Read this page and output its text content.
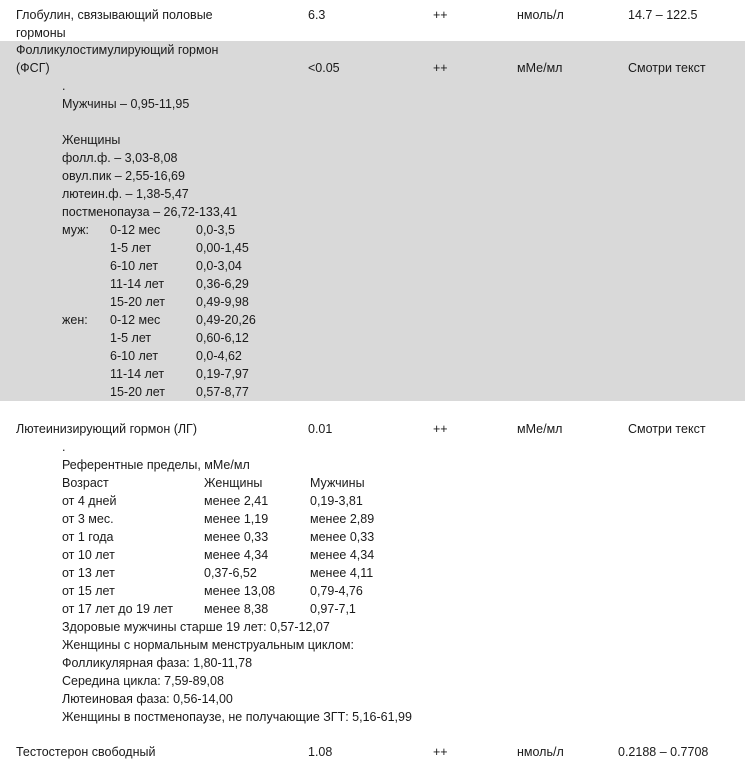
Глобулин, связывающий половые
гормоны
6.3	++	нмоль/л	14.7 – 122.5
Фолликулостимулирующий гормон
(ФСГ)	<0.05	++	мМе/мл	Смотри текст
.
Мужчины – 0,95-11,95
Женщины
фолл.ф. – 3,03-8,08
овул.пик – 2,55-16,69
лютеин.ф. – 1,38-5,47
постменопауза – 26,72-133,41
муж: 0-12 мес	0,0-3,5
1-5 лет	0,00-1,45
6-10 лет	0,0-3,04
11-14 лет	0,36-6,29
15-20 лет 0,49-9,98
жен: 0-12 мес	0,49-20,26
1-5 лет	0,60-6,12
6-10 лет	0,0-4,62
11-14 лет	0,19-7,97
15-20 лет 0,57-8,77
Лютеинизирующий гормон (ЛГ)	0.01	++	мМе/мл	Смотри текст
.
Референтные пределы, мМе/мл
Возраст	Женщины	Мужчины
от 4 дней	менее 2,41	0,19-3,81
от 3 мес.	менее 1,19	менее 2,89
от 1 года	менее 0,33	менее 0,33
от 10 лет	менее 4,34	менее 4,34
от 13 лет	0,37-6,52	менее 4,11
от 15 лет	менее 13,08	0,79-4,76
от 17 лет до 19 лет менее 8,38	0,97-7,1
Здоровые мужчины старше 19 лет: 0,57-12,07
Женщины с нормальным менструальным циклом:
Фолликулярная фаза: 1,80-11,78
Середина цикла: 7,59-89,08
Лютеиновая фаза: 0,56-14,00
Женщины в постменопаузе, не получающие ЗГТ: 5,16-61,99
Тестостерон свободный	1.08	++	нмоль/л	0.2188 – 0.7708
